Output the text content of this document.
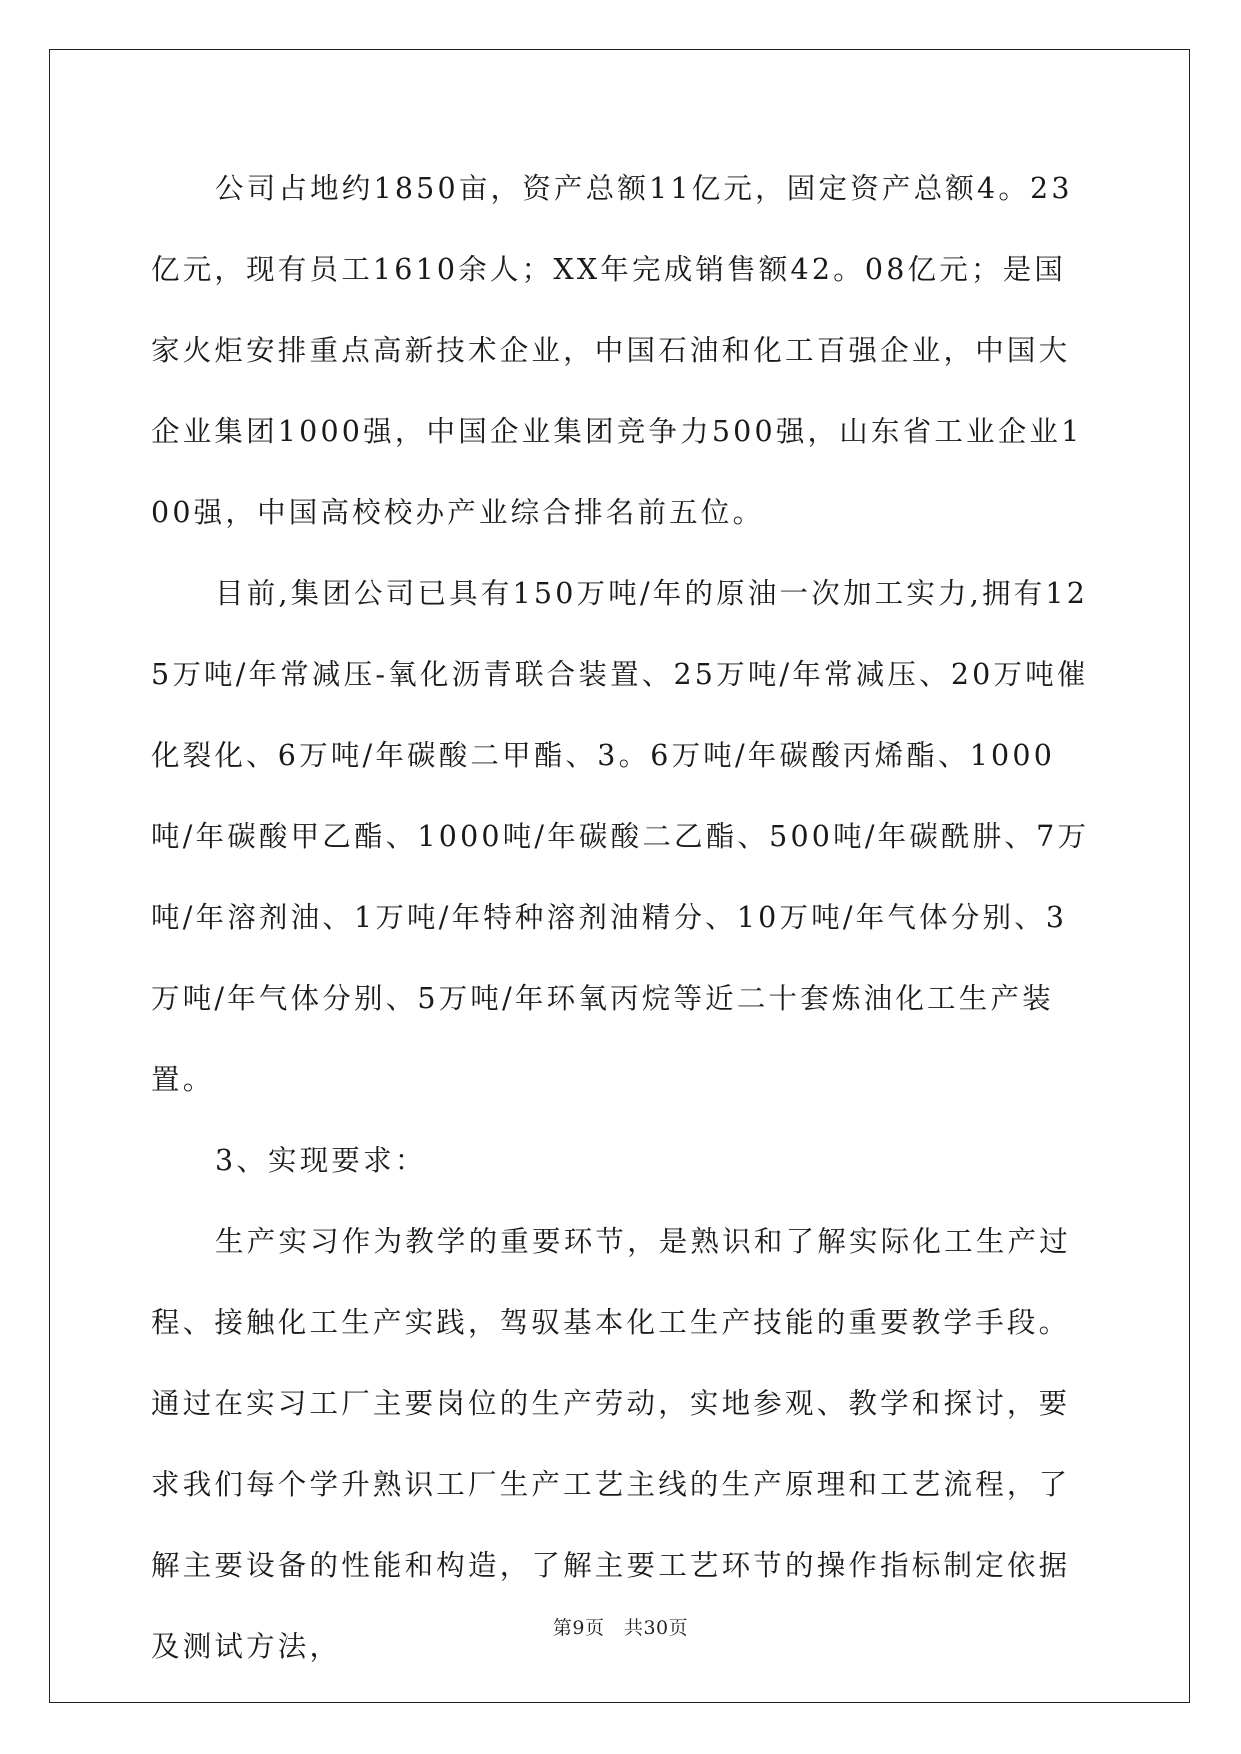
公司占地约1850亩，资产总额11亿元，固定资产总额4。23亿元，现有员工1610余人；XX年完成销售额42。08亿元；是国家火炬安排重点高新技术企业，中国石油和化工百强企业，中国大企业集团1000强，中国企业集团竞争力500强，山东省工业企业100强，中国高校校办产业综合排名前五位。

目前,集团公司已具有150万吨/年的原油一次加工实力,拥有125万吨/年常减压-氧化沥青联合装置、25万吨/年常减压、20万吨催化裂化、6万吨/年碳酸二甲酯、3。6万吨/年碳酸丙烯酯、1000吨/年碳酸甲乙酯、1000吨/年碳酸二乙酯、500吨/年碳酰肼、7万吨/年溶剂油、1万吨/年特种溶剂油精分、10万吨/年气体分别、3万吨/年气体分别、5万吨/年环氧丙烷等近二十套炼油化工生产装置。

3、实现要求：

生产实习作为教学的重要环节，是熟识和了解实际化工生产过程、接触化工生产实践，驾驭基本化工生产技能的重要教学手段。通过在实习工厂主要岗位的生产劳动，实地参观、教学和探讨，要求我们每个学升熟识工厂生产工艺主线的生产原理和工艺流程，了解主要设备的性能和构造，了解主要工艺环节的操作指标制定依据及测试方法，

第9页　共30页
